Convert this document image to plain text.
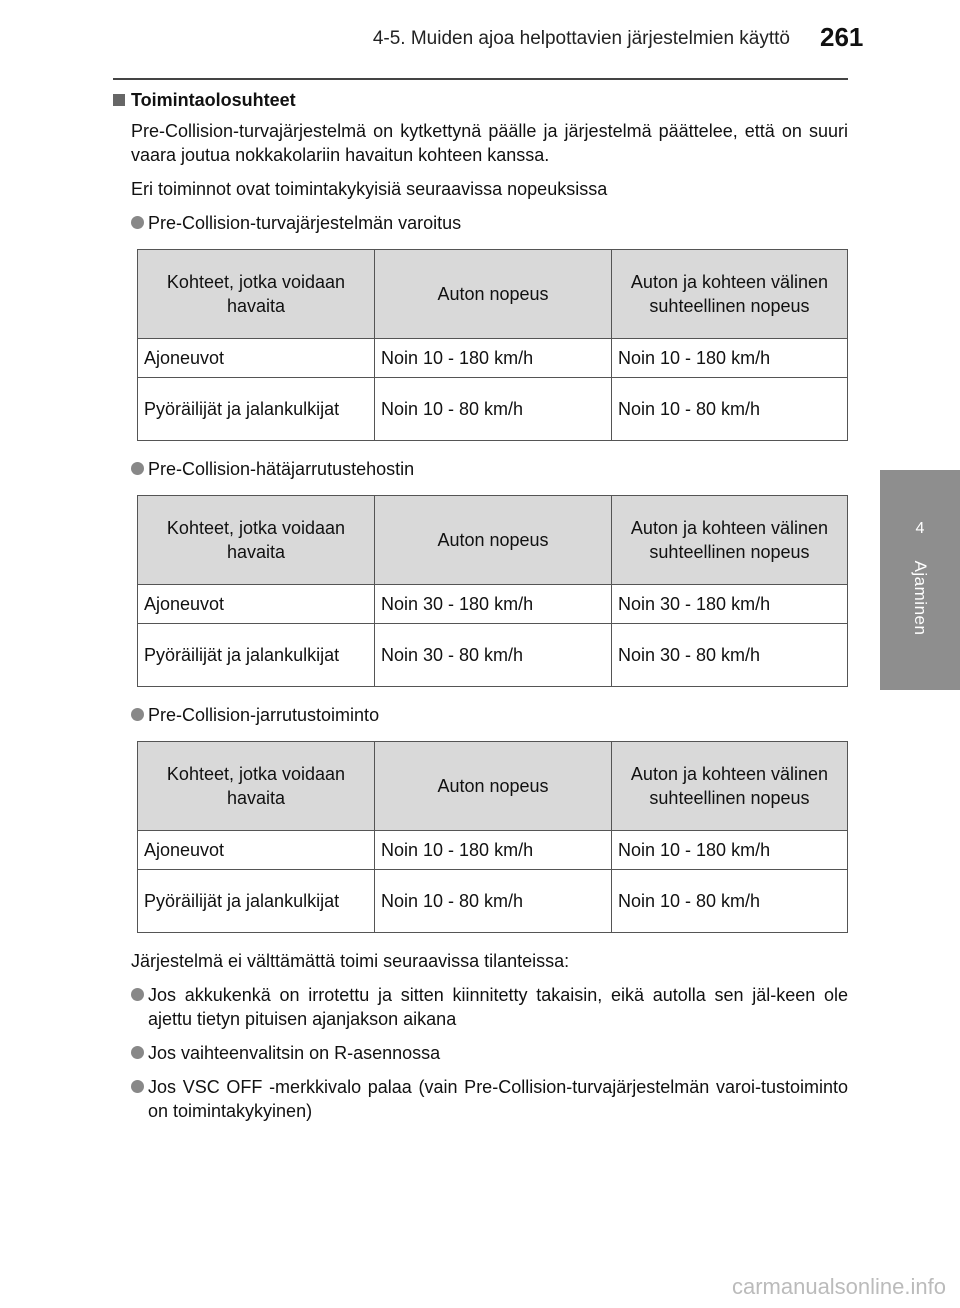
4-5. Muiden ajoa helpottavien järjestelmien käyttö 261
4
Ajaminen
Toimintaolosuhteet

Pre-Collision-turvajärjestelmä on kytkettynä päälle ja järjestelmä päättelee, että on suuri vaara joutua nokkakolariin havaitun kohteen kanssa.

Eri toiminnot ovat toimintakykyisiä seuraavissa nopeuksissa

Pre-Collision-turvajärjestelmän varoitus
Kohteet, jotka voidaan havaita	Auton nopeus	Auton ja kohteen välinen suhteellinen nopeus
Ajoneuvot	Noin 10 - 180 km/h	Noin 10 - 180 km/h
Pyöräilijät ja jalankulkijat	Noin 10 - 80 km/h	Noin 10 - 80 km/h
Pre-Collision-hätäjarrutustehostin
Kohteet, jotka voidaan havaita	Auton nopeus	Auton ja kohteen välinen suhteellinen nopeus
Ajoneuvot	Noin 30 - 180 km/h	Noin 30 - 180 km/h
Pyöräilijät ja jalankulkijat	Noin 30 - 80 km/h	Noin 30 - 80 km/h
Pre-Collision-jarrutustoiminto
Kohteet, jotka voidaan havaita	Auton nopeus	Auton ja kohteen välinen suhteellinen nopeus
Ajoneuvot	Noin 10 - 180 km/h	Noin 10 - 180 km/h
Pyöräilijät ja jalankulkijat	Noin 10 - 80 km/h	Noin 10 - 80 km/h

Järjestelmä ei välttämättä toimi seuraavissa tilanteissa:

Jos akkukenkä on irrotettu ja sitten kiinnitetty takaisin, eikä autolla sen jäl-keen ole ajettu tietyn pituisen ajanjakson aikana
Jos vaihteenvalitsin on R-asennossa
Jos VSC OFF -merkkivalo palaa (vain Pre-Collision-turvajärjestelmän varoi-tustoiminto on toimintakykyinen)
carmanualsonline.info
